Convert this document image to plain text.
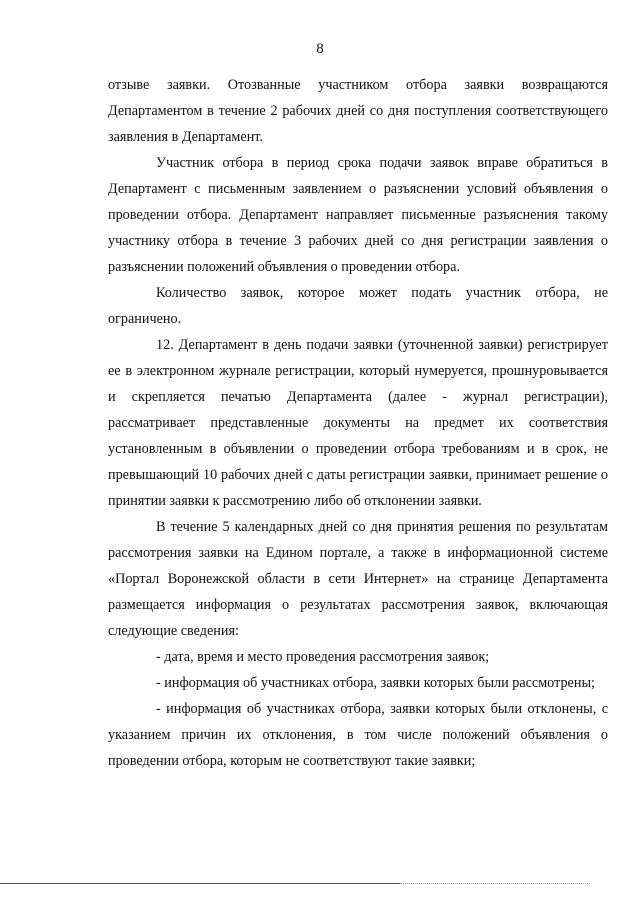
8

отзыве заявки. Отозванные участником отбора заявки возвращаются Департаментом в течение 2 рабочих дней со дня поступления соответствующего заявления в Департамент.

Участник отбора в период срока подачи заявок вправе обратиться в Департамент с письменным заявлением о разъяснении условий объявления о проведении отбора. Департамент направляет письменные разъяснения такому участнику отбора в течение 3 рабочих дней со дня регистрации заявления о разъяснении положений объявления о проведении отбора.

Количество заявок, которое может подать участник отбора, не ограничено.

12. Департамент в день подачи заявки (уточненной заявки) регистрирует ее в электронном журнале регистрации, который нумеруется, прошнуровывается и скрепляется печатью Департамента (далее - журнал регистрации), рассматривает представленные документы на предмет их соответствия установленным в объявлении о проведении отбора требованиям и в срок, не превышающий 10 рабочих дней с даты регистрации заявки, принимает решение о принятии заявки к рассмотрению либо об отклонении заявки.

В течение 5 календарных дней со дня принятия решения по результатам рассмотрения заявки на Едином портале, а также в информационной системе «Портал Воронежской области в сети Интернет» на странице Департамента размещается информация о результатах рассмотрения заявок, включающая следующие сведения:

- дата, время и место проведения рассмотрения заявок;

- информация об участниках отбора, заявки которых были рассмотрены;

- информация об участниках отбора, заявки которых были отклонены, с указанием причин их отклонения, в том числе положений объявления о проведении отбора, которым не соответствуют такие заявки;
